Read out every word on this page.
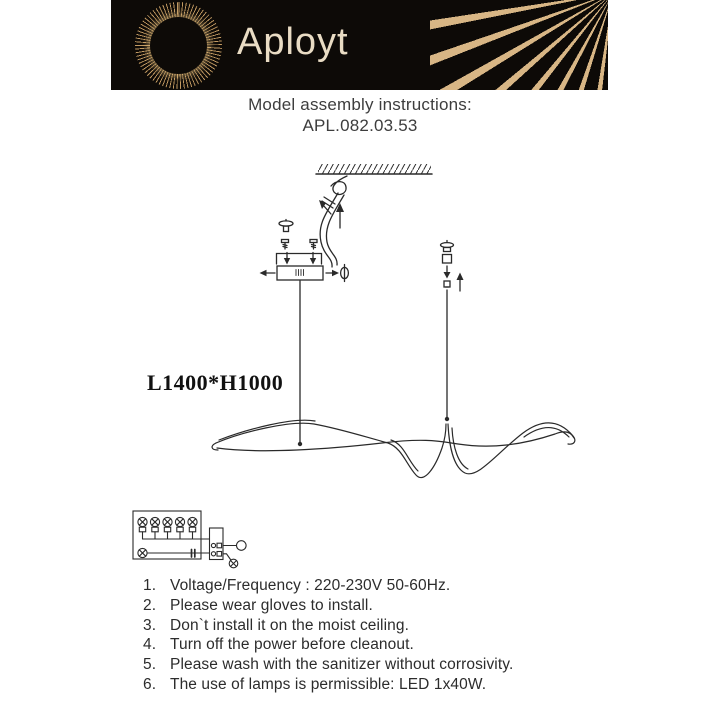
Aployt
Model assembly instructions:
APL.082.03.53
L1400*H1000
1. Voltage/Frequency : 220-230V 50-60Hz.
2. Please wear gloves to install.
3. Don`t install it on the moist ceiling.
4. Turn off the power before cleanout.
5. Please wash with the sanitizer without corrosivity.
6. The use of lamps is permissible: LED 1x40W.
